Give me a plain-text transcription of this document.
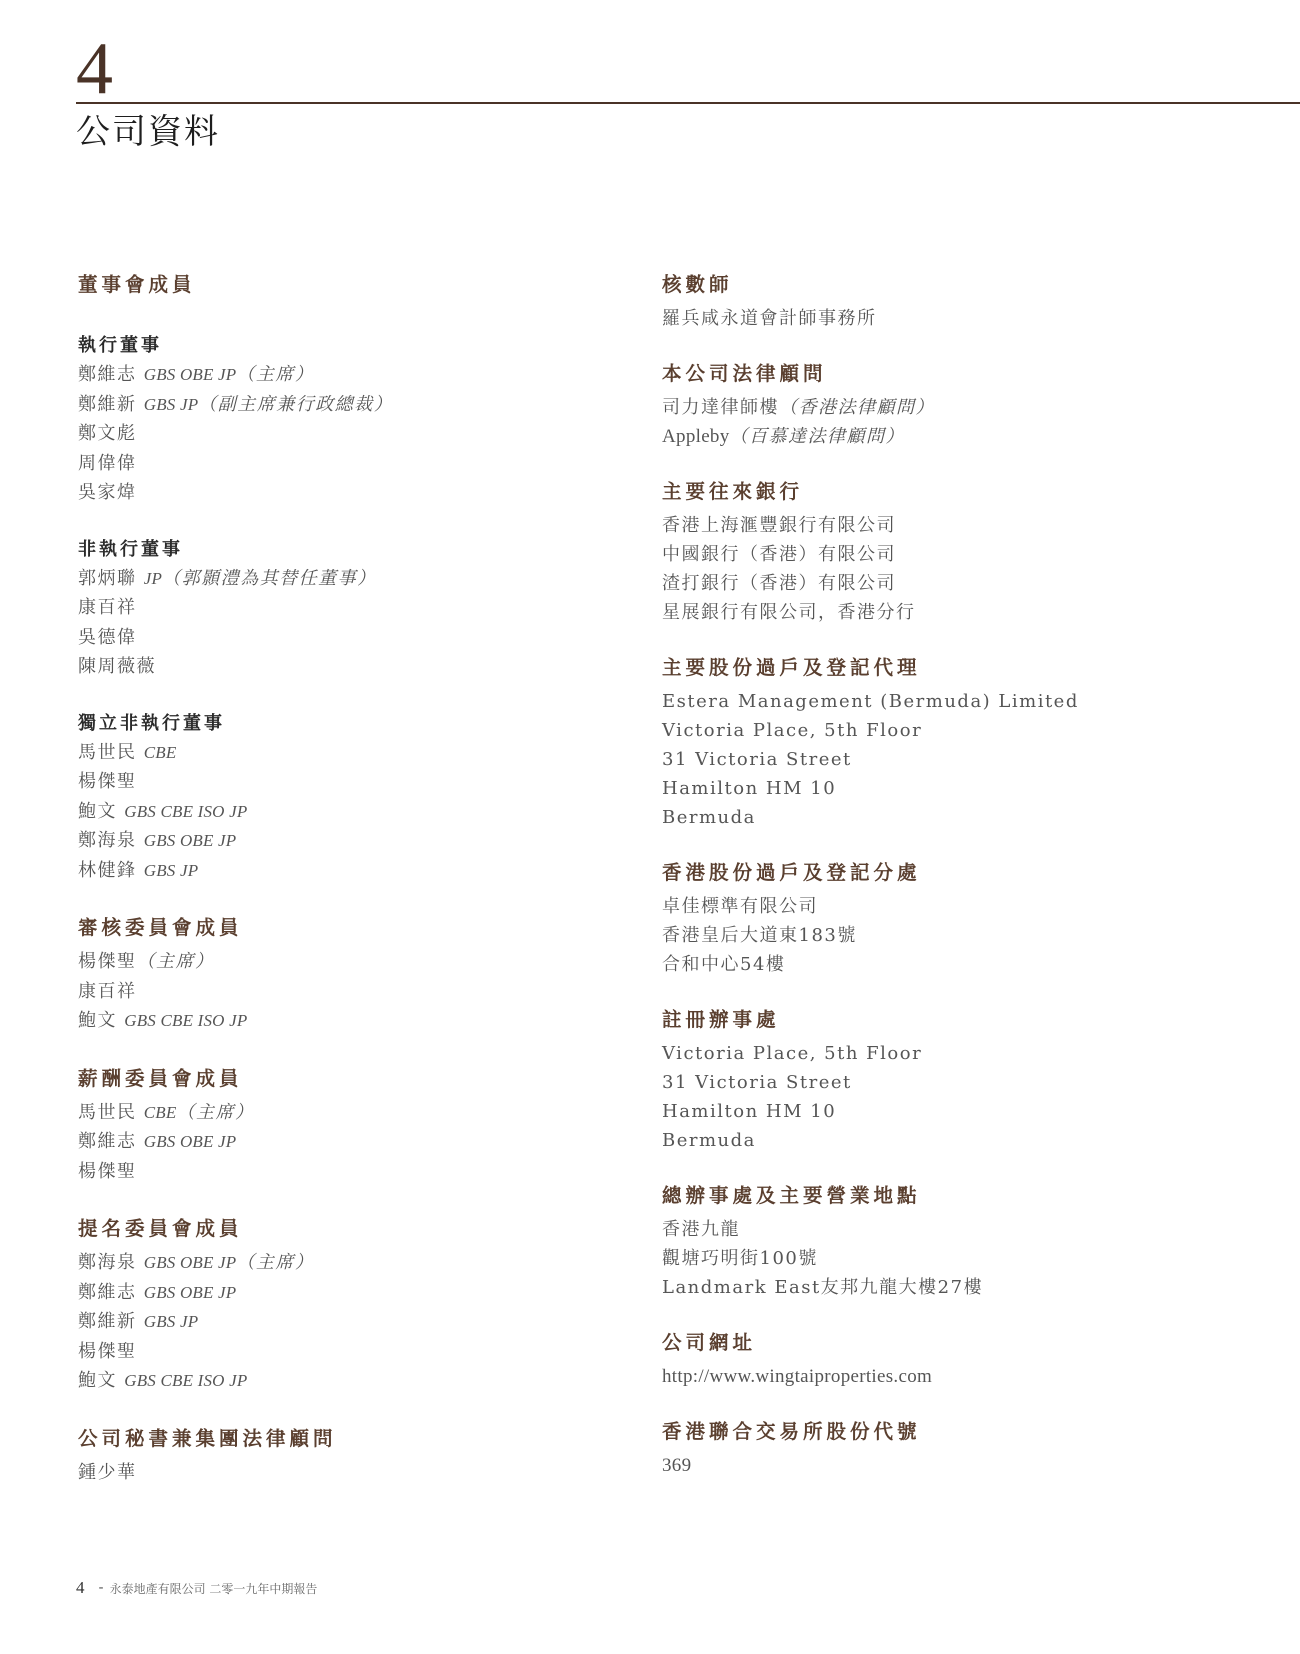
4
公司資料
董事會成員
執行董事
鄭維志 GBS OBE JP（主席）
鄭維新 GBS JP（副主席兼行政總裁）
鄭文彪
周偉偉
吳家煒
非執行董事
郭炳聯 JP（郭顥澧為其替任董事）
康百祥
吳德偉
陳周薇薇
獨立非執行董事
馬世民 CBE
楊傑聖
鮑文 GBS CBE ISO JP
鄭海泉 GBS OBE JP
林健鋒 GBS JP
審核委員會成員
楊傑聖（主席）
康百祥
鮑文 GBS CBE ISO JP
薪酬委員會成員
馬世民 CBE（主席）
鄭維志 GBS OBE JP
楊傑聖
提名委員會成員
鄭海泉 GBS OBE JP（主席）
鄭維志 GBS OBE JP
鄭維新 GBS JP
楊傑聖
鮑文 GBS CBE ISO JP
公司秘書兼集團法律顧問
鍾少華
核數師
羅兵咸永道會計師事務所
本公司法律顧問
司力達律師樓（香港法律顧問）
Appleby（百慕達法律顧問）
主要往來銀行
香港上海滙豐銀行有限公司
中國銀行（香港）有限公司
渣打銀行（香港）有限公司
星展銀行有限公司，香港分行
主要股份過戶及登記代理
Estera Management (Bermuda) Limited
Victoria Place, 5th Floor
31 Victoria Street
Hamilton HM 10
Bermuda
香港股份過戶及登記分處
卓佳標準有限公司
香港皇后大道東183號
合和中心54樓
註冊辦事處
Victoria Place, 5th Floor
31 Victoria Street
Hamilton HM 10
Bermuda
總辦事處及主要營業地點
香港九龍
觀塘巧明街100號
Landmark East友邦九龍大樓27樓
公司網址
http://www.wingtaiproperties.com
香港聯合交易所股份代號
369
4 - 永泰地產有限公司 二零一九年中期報告
